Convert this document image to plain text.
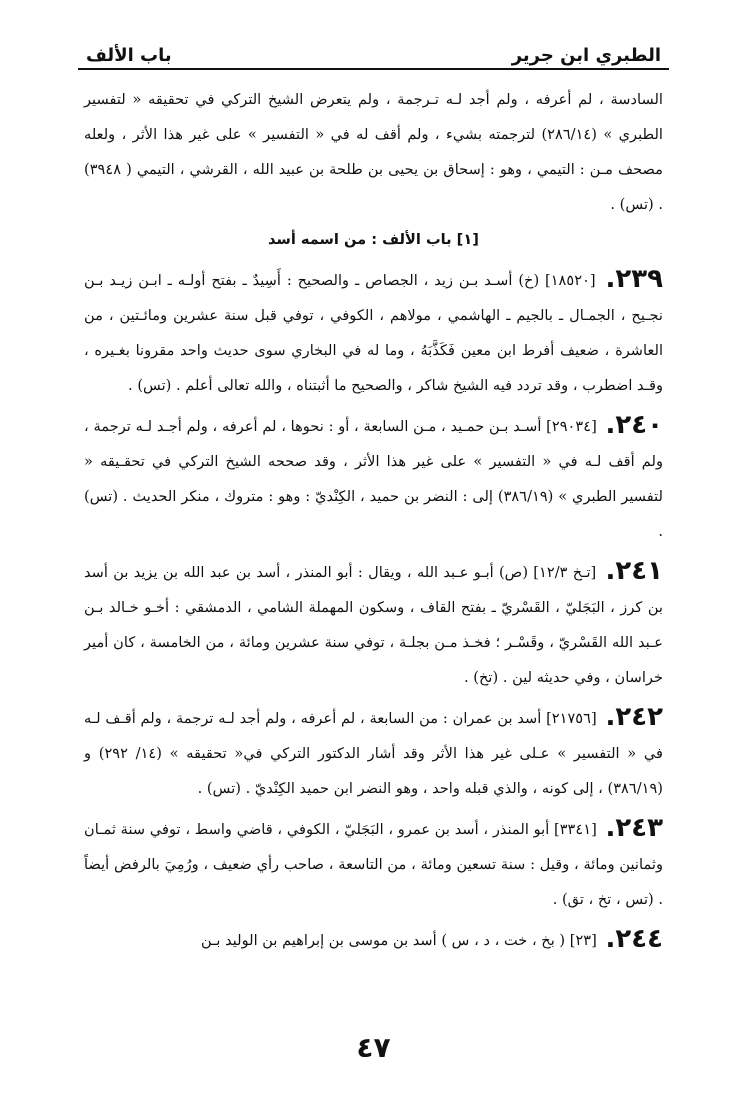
الطبري ابن جرير
باب الألف

السادسة ، لم أعرفه ، ولم أجد لـه تـرجمة ، ولم يتعرض الشيخ التركي في تحقيقه « لتفسير الطبري » (٢٨٦/١٤) لترجمته بشيء ، ولم أقف له في « التفسير » على غير هذا الأثر ، ولعله مصحف مـن : التيمي ، وهو : إسحاق بن يحيى بن طلحة بن عبيد الله ، القرشي ، التيمي ( ٣٩٤٨) . (تس) .

[١] باب الألف : من اسمه أسد

٢٣٩. [١٨٥٢٠] (خ) أسـد بـن زيد ، الجصاص ـ والصحيح : أَسِيدٌ ـ بفتح أولـه ـ ابـن زيـد بـن نجـيح ، الجمـال ـ بالجيم ـ الهاشمي ، مولاهم ، الكوفي ، توفي قبل سنة عشرين ومائـتين ، من العاشرة ، ضعيف أفرط ابن معين فَكَذَّبَهُ ، وما له في البخاري سوى حديث واحد مقرونا بغـيره ، وقـد اضطرب ، وقد تردد فيه الشيخ شاكر ، والصحيح ما أثبتناه ، والله تعالى أعلم . (تس) .

٢٤٠. [٢٩٠٣٤] أسـد بـن حمـيد ، مـن السابعة ، أو : نحوها ، لم أعرفه ، ولم أجـد لـه ترجمة ، ولم أقف لـه في « التفسير » على غير هذا الأثر ، وقد صححه الشيخ التركي في تحقـيقه « لتفسير الطبري » (٣٨٦/١٩) إلى : النضر بن حميد ، الكِنْديّ : وهو : متروك ، منكر الحديث . (تس) .

٢٤١. [تـخ ١٢/٣] (ص) أبـو عـبد الله ، ويقال : أبو المنذر ، أسد بن عبد الله بن يزيد بن أسد بن كرز ، البَجَليّ ، القَسْريّ ـ بفتح القاف ، وسكون المهملة الشامي ، الدمشقي : أخـو خـالد بـن عـبد الله القَسْريّ ، وقَسْـر ؛ فخـذ مـن بجلـة ، توفي سنة عشرين ومائة ، من الخامسة ، كان أمير خراسان ، وفي حديثه لين . (تخ) .

٢٤٢. [٢١٧٥٦] أسد بن عمران : من السابعة ، لم أعرفه ، ولم أجد لـه ترجمة ، ولم أقـف لـه في « التفسير » عـلى غير هذا الأثر وقد أشار الدكتور التركي في« تحقيقه » (١٤/ ٢٩٢) و (٣٨٦/١٩) ، إلى كونه ، والذي قبله واحد ، وهو النضر ابن حميد الكِنْديّ . (تس) .

٢٤٣. [٣٣٤١] أبو المنذر ، أسد بن عمرو ، البَجَليّ ، الكوفي ، قاضي واسط ، توفي سنة ثمـان وثمانين ومائة ، وقيل : سنة تسعين ومائة ، من التاسعة ، صاحب رأي ضعيف ، ورُمِيَ بالرفض أيضاً . (تس ، تخ ، تق) .

٢٤٤. [٢٣] ( بخ ، خت ، د ، س ) أسد بن موسى بن إبراهيم بن الوليد بـن

٤٧
